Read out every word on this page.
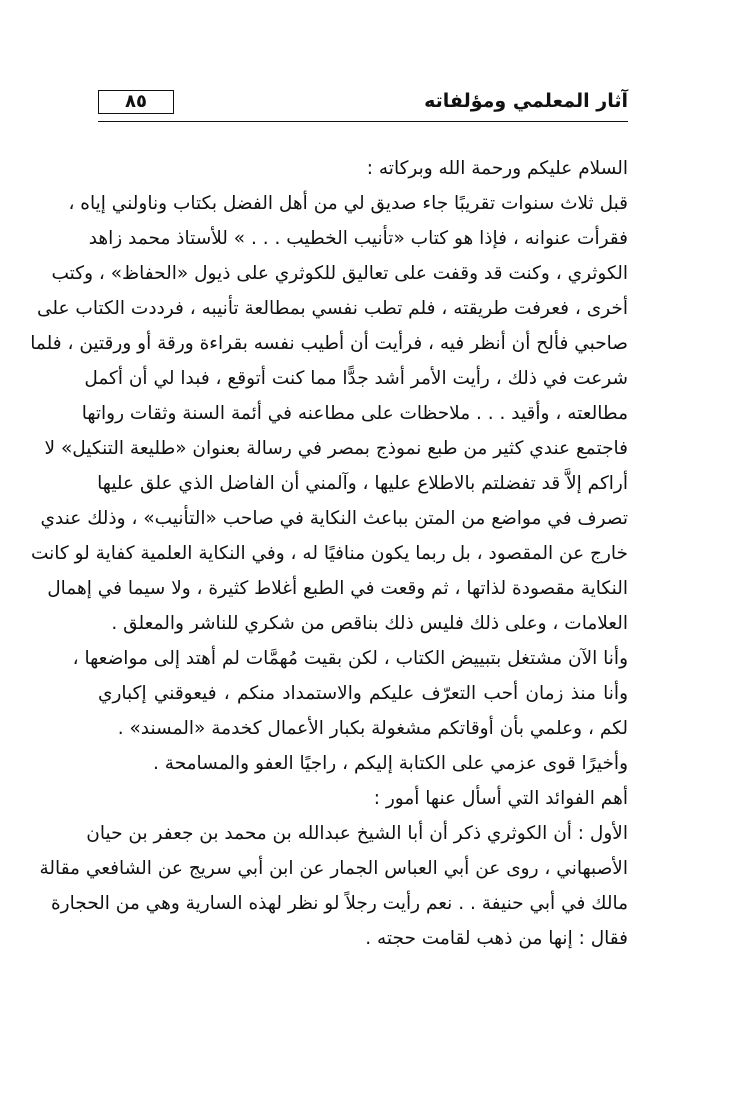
٨٥	آثار المعلمي ومؤلفاته
السلام عليكم ورحمة الله وبركاته :
قبل ثلاث سنوات تقريبًا جاء صديق لي من أهل الفضل بكتاب وناولني إياه ،
فقرأت عنوانه ، فإذا هو كتاب «تأنيب الخطيب . . . » للأستاذ محمد زاهد
الكوثري ، وكنت قد وقفت على تعاليق للكوثري على ذيول «الحفاظ» ، وكتب
أخرى ، فعرفت طريقته ، فلم تطب نفسي بمطالعة تأنيبه ، فرددت الكتاب على
صاحبي فألح أن أنظر فيه ، فرأيت أن أطيب نفسه بقراءة ورقة أو ورقتين ، فلما
شرعت في ذلك ، رأيت الأمر أشد جدًّا مما كنت أتوقع ، فبدا لي أن أكمل
مطالعته ، وأقيد . . . ملاحظات على مطاعنه في أئمة السنة وثقات رواتها
فاجتمع عندي كثير من طبع نموذج بمصر في رسالة بعنوان «طليعة التنكيل» لا
أراكم إلاَّ قد تفضلتم بالاطلاع عليها ، وآلمني أن الفاضل الذي علق عليها
تصرف في مواضع من المتن بباعث النكاية في صاحب «التأنيب» ، وذلك عندي
خارج عن المقصود ، بل ربما يكون منافيًا له ، وفي النكاية العلمية كفاية لو كانت
النكاية مقصودة لذاتها ، ثم وقعت في الطبع أغلاط كثيرة ، ولا سيما في إهمال
العلامات ، وعلى ذلك فليس ذلك بناقص من شكري للناشر والمعلق .
وأنا الآن مشتغل بتبييض الكتاب ، لكن بقيت مُهمَّات لم أهتد إلى مواضعها ،
وأنا منذ زمان أحب التعرّف عليكم والاستمداد منكم ، فيعوقني إكباري
لكم ، وعلمي بأن أوقاتكم مشغولة بكبار الأعمال كخدمة «المسند» .
وأخيرًا قوى عزمي على الكتابة إليكم ، راجيًا العفو والمسامحة .
أهم الفوائد التي أسأل عنها أمور :
الأول : أن الكوثري ذكر أن أبا الشيخ عبدالله بن محمد بن جعفر بن حيان
الأصبهاني ، روى عن أبي العباس الجمار عن ابن أبي سريج عن الشافعي مقالة
مالك في أبي حنيفة . . نعم رأيت رجلاً لو نظر لهذه السارية وهي من الحجارة
فقال : إنها من ذهب لقامت حجته .
